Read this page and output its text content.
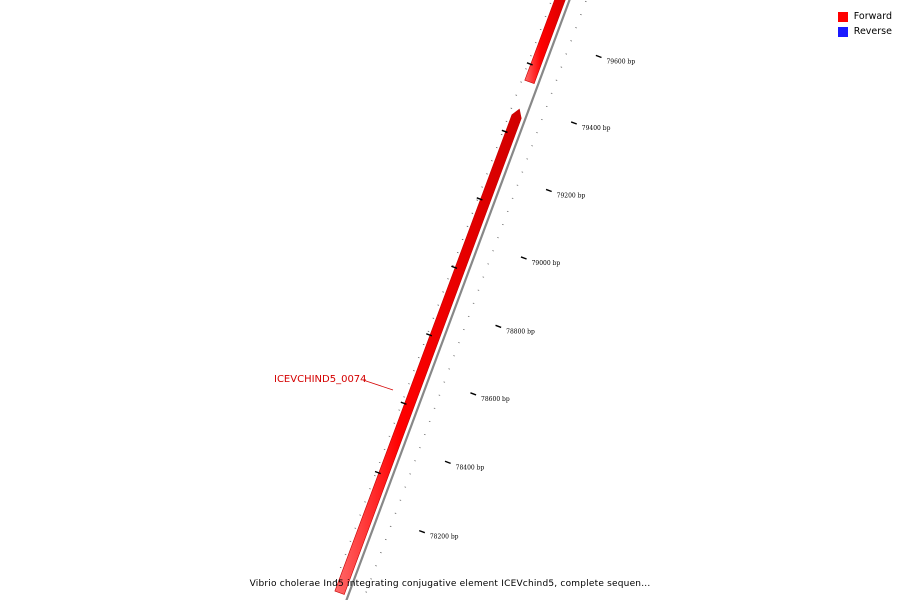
79600 bp
79400 bp
79200 bp
79000 bp
78800 bp
78600 bp
78400 bp
78200 bp
ICEVCHIND5_0074
Forward
Reverse
Vibrio cholerae Ind5 integrating conjugative element ICEVchind5, complete sequen...
